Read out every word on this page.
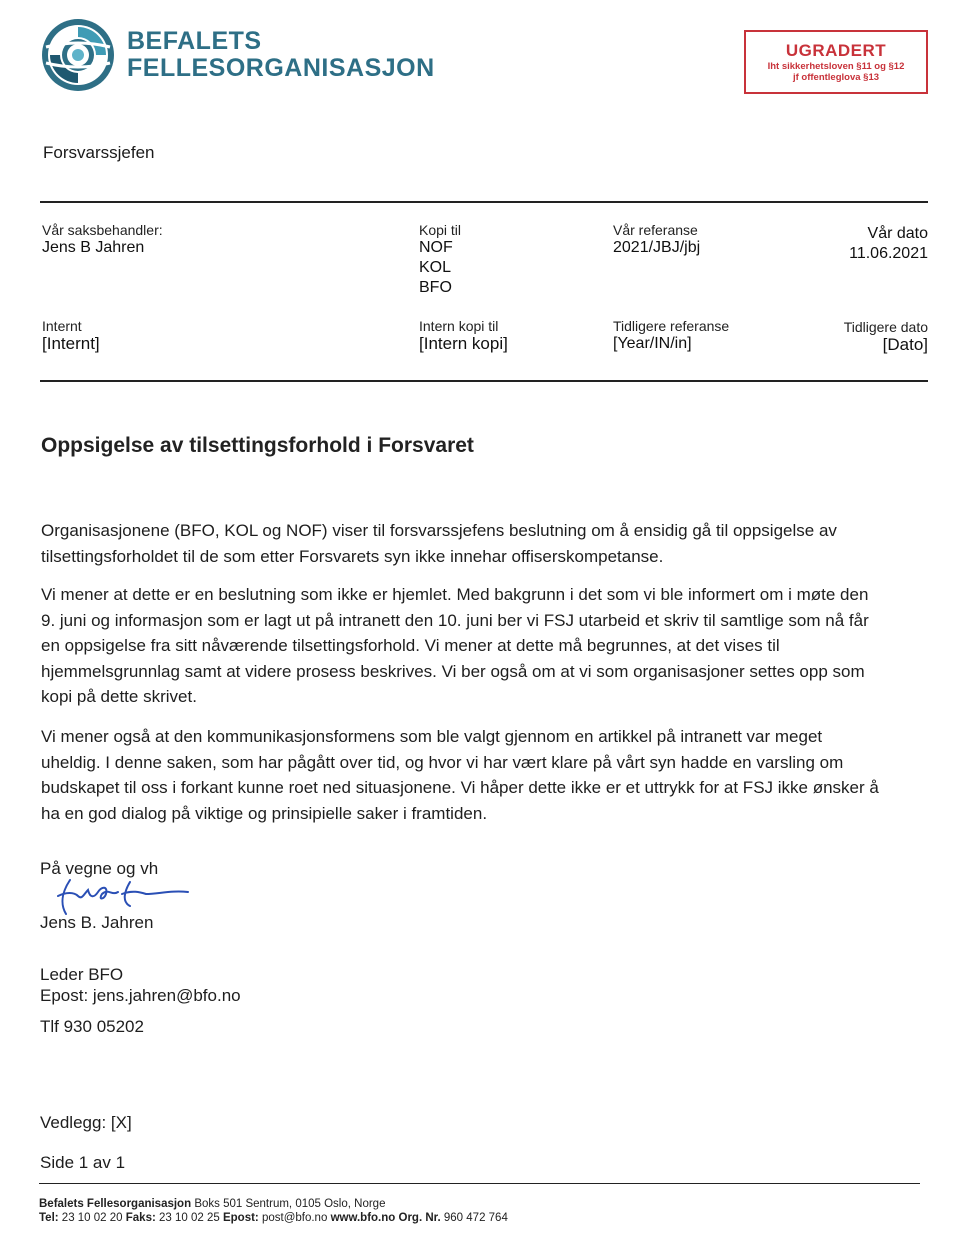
BEFALETS
FELLESORGANISASJON
UGRADERT
Iht sikkerhetsloven §11 og §12
jf offentleglova §13
Forsvarssjefen
Vår saksbehandler:
Jens B Jahren
Kopi til
NOF
KOL
BFO
Vår referanse
2021/JBJ/jbj
Vår dato
11.06.2021
Internt
[Internt]
Intern kopi til
[Intern kopi]
Tidligere referanse
[Year/IN/in]
Tidligere dato
[Dato]
Oppsigelse av tilsettingsforhold i Forsvaret
Organisasjonene (BFO, KOL og NOF) viser til forsvarssjefens beslutning om å ensidig gå til oppsigelse av tilsettingsforholdet til de som etter Forsvarets syn ikke innehar offiserskompetanse.
Vi mener at dette er en beslutning som ikke er hjemlet. Med bakgrunn i det som vi ble informert om i møte den 9. juni og informasjon som er lagt ut på intranett den 10. juni ber vi FSJ utarbeid et skriv til samtlige som nå får en oppsigelse fra sitt nåværende tilsettingsforhold. Vi mener at dette må begrunnes, at det vises til hjemmelsgrunnlag samt at videre prosess beskrives. Vi ber også om at vi som organisasjoner settes opp som kopi på dette skrivet.
Vi mener også at den kommunikasjonsformens som ble valgt gjennom en artikkel på intranett var meget uheldig. I denne saken, som har pågått over tid, og hvor vi har vært klare på vårt syn hadde en varsling om budskapet til oss i forkant kunne roet ned situasjonene. Vi håper dette ikke er et uttrykk for at FSJ ikke ønsker å ha en god dialog på viktige og prinsipielle saker i framtiden.
På vegne og vh
Jens B. Jahren
Leder BFO
Epost: jens.jahren@bfo.no
Tlf 930 05202
Vedlegg: [X]
Side 1 av 1
Befalets Fellesorganisasjon Boks 501 Sentrum, 0105 Oslo, Norge
Tel: 23 10 02 20 Faks: 23 10 02 25 Epost: post@bfo.no www.bfo.no Org. Nr. 960 472 764
